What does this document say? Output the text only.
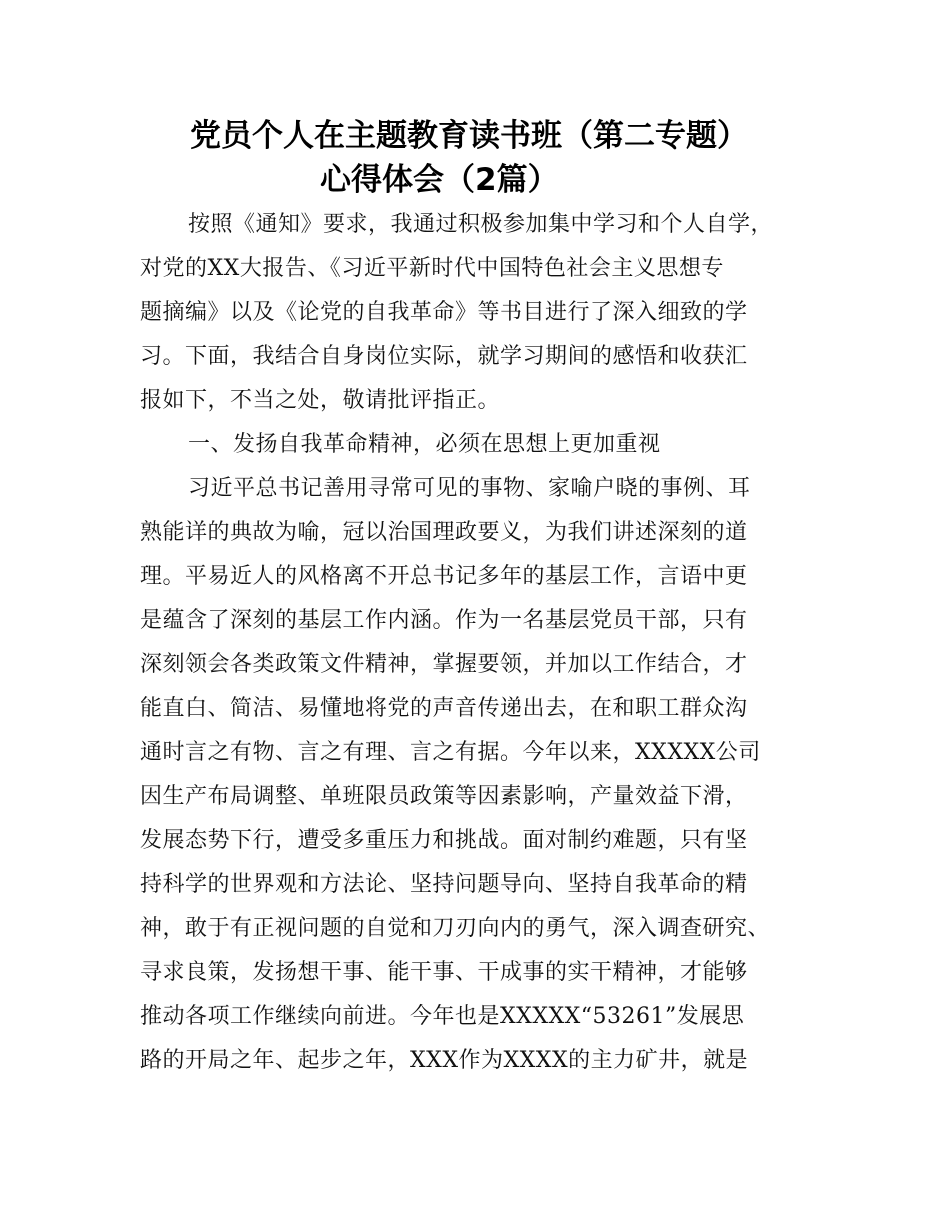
党员个人在主题教育读书班（第二专题）
心得体会（2篇）
按照《通知》要求，我通过积极参加集中学习和个人自学，
对党的XX大报告、《习近平新时代中国特色社会主义思想专
题摘编》以及《论党的自我革命》等书目进行了深入细致的学
习。下面，我结合自身岗位实际，就学习期间的感悟和收获汇
报如下，不当之处，敬请批评指正。
一、发扬自我革命精神，必须在思想上更加重视
习近平总书记善用寻常可见的事物、家喻户晓的事例、耳
熟能详的典故为喻，冠以治国理政要义，为我们讲述深刻的道
理。平易近人的风格离不开总书记多年的基层工作，言语中更
是蕴含了深刻的基层工作内涵。作为一名基层党员干部，只有
深刻领会各类政策文件精神，掌握要领，并加以工作结合，才
能直白、简洁、易懂地将党的声音传递出去，在和职工群众沟
通时言之有物、言之有理、言之有据。今年以来，XXXXX公司
因生产布局调整、单班限员政策等因素影响，产量效益下滑，
发展态势下行，遭受多重压力和挑战。面对制约难题，只有坚
持科学的世界观和方法论、坚持问题导向、坚持自我革命的精
神，敢于有正视问题的自觉和刀刃向内的勇气，深入调查研究、
寻求良策，发扬想干事、能干事、干成事的实干精神，才能够
推动各项工作继续向前进。今年也是XXXXX“53261”发展思
路的开局之年、起步之年，XXX作为XXXX的主力矿井，就是
